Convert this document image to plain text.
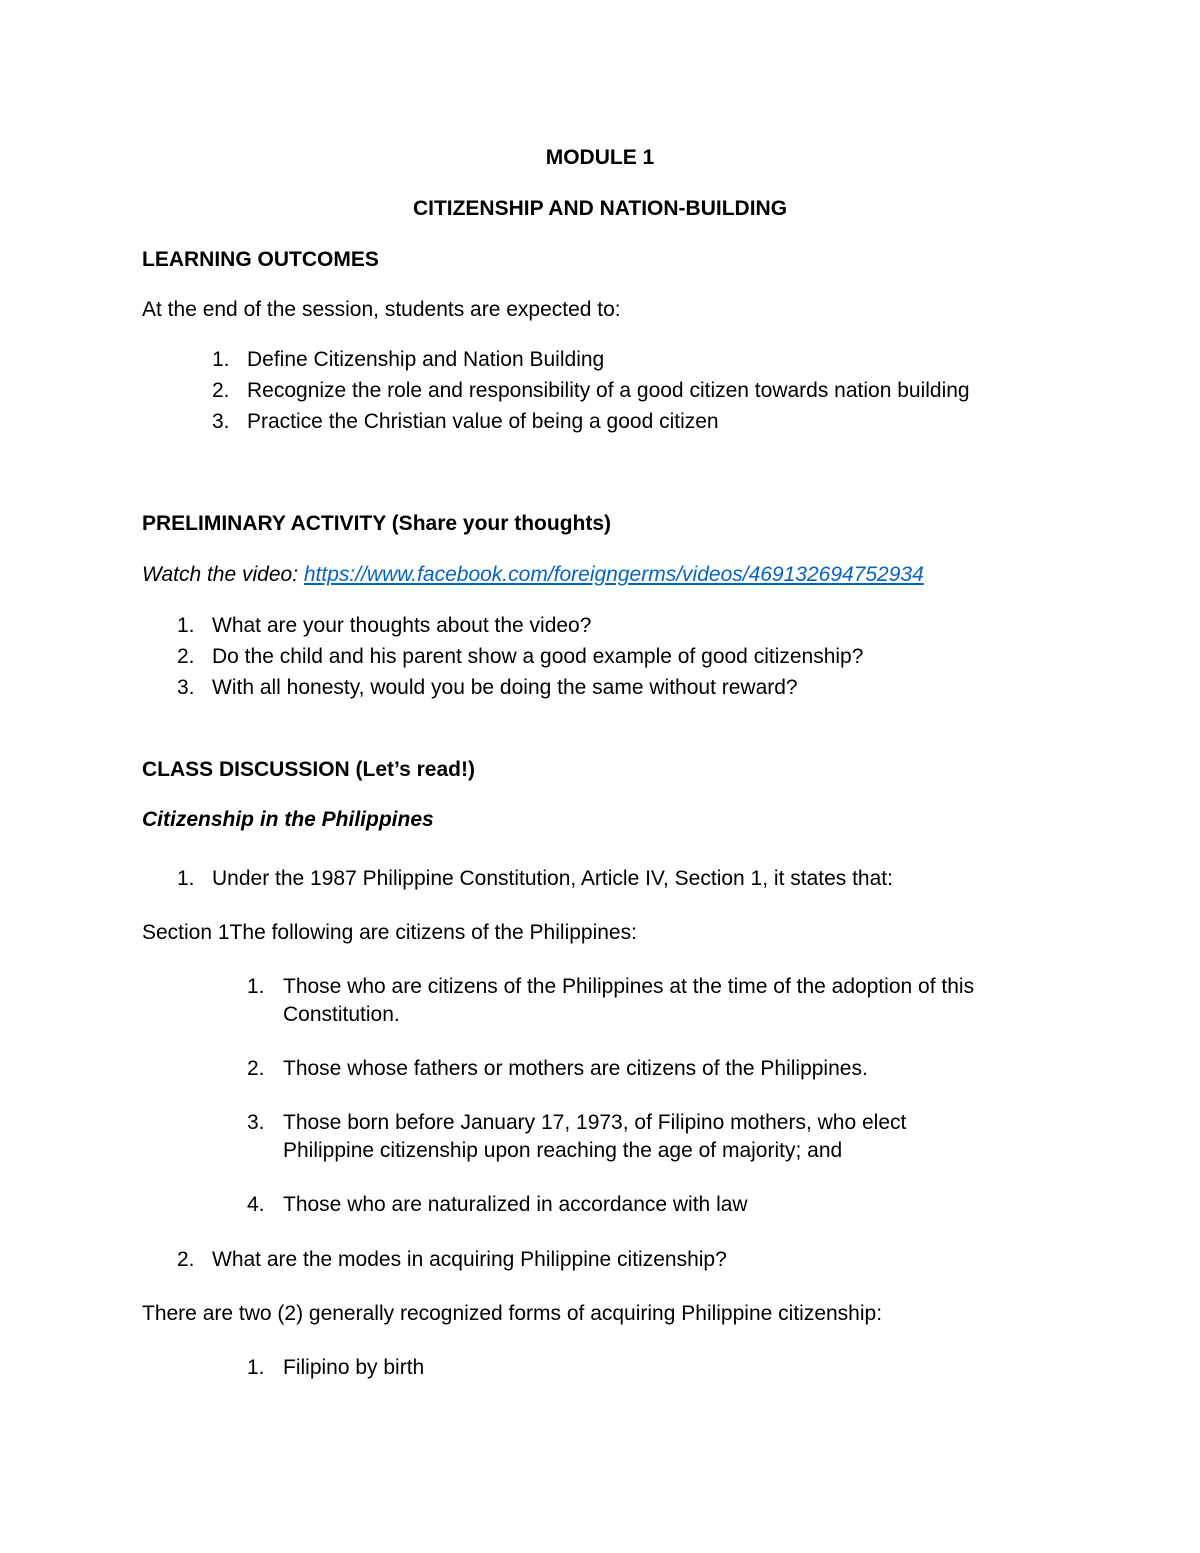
MODULE 1
CITIZENSHIP AND NATION-BUILDING
LEARNING OUTCOMES
At the end of the session, students are expected to:
1. Define Citizenship and Nation Building
2. Recognize the role and responsibility of a good citizen towards nation building
3. Practice the Christian value of being a good citizen
PRELIMINARY ACTIVITY (Share your thoughts)
Watch the video: https://www.facebook.com/foreigngerms/videos/469132694752934
1. What are your thoughts about the video?
2. Do the child and his parent show a good example of good citizenship?
3. With all honesty, would you be doing the same without reward?
CLASS DISCUSSION (Let’s read!)
Citizenship in the Philippines
1. Under the 1987 Philippine Constitution, Article IV, Section 1, it states that:
Section 1The following are citizens of the Philippines:
1. Those who are citizens of the Philippines at the time of the adoption of this
Constitution.
2. Those whose fathers or mothers are citizens of the Philippines.
3. Those born before January 17, 1973, of Filipino mothers, who elect
Philippine citizenship upon reaching the age of majority; and
4. Those who are naturalized in accordance with law
2. What are the modes in acquiring Philippine citizenship?
There are two (2) generally recognized forms of acquiring Philippine citizenship:
1. Filipino by birth
